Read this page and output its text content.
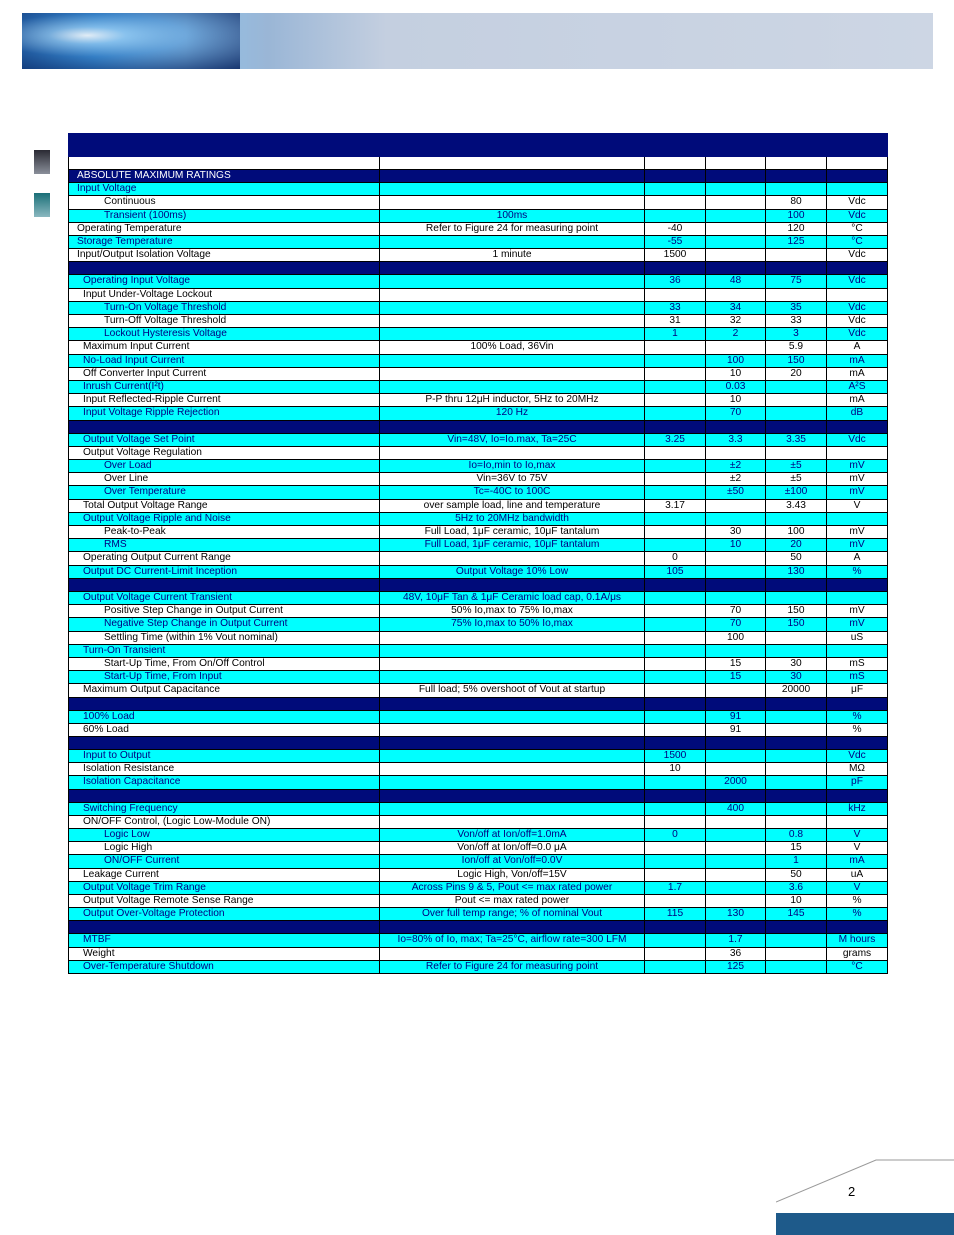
ABSOLUTE MAXIMUM RATINGS					
Input Voltage					
Continuous				80	Vdc
Transient (100ms)	100ms			100	Vdc
Operating Temperature	Refer to Figure 24 for measuring point	-40		120	°C
Storage Temperature		-55		125	°C
Input/Output Isolation Voltage	1 minute	1500			Vdc

Operating Input Voltage		36	48	75	Vdc
Input Under-Voltage Lockout					
Turn-On Voltage Threshold		33	34	35	Vdc
Turn-Off Voltage Threshold		31	32	33	Vdc
Lockout Hysteresis Voltage		1	2	3	Vdc
Maximum Input Current	100% Load, 36Vin			5.9	A
No-Load Input Current			100	150	mA
Off Converter Input Current			10	20	mA
Inrush Current(I²t)			0.03		A²S
Input Reflected-Ripple Current	P-P thru 12μH inductor, 5Hz to 20MHz		10		mA
Input Voltage Ripple Rejection	120 Hz		70		dB

Output Voltage Set Point	Vin=48V, Io=Io.max, Ta=25C	3.25	3.3	3.35	Vdc
Output Voltage Regulation					
Over Load	Io=Io,min to Io,max		±2	±5	mV
Over Line	Vin=36V to 75V		±2	±5	mV
Over Temperature	Tc=-40C to 100C		±50	±100	mV
Total Output Voltage Range	over sample load, line and temperature	3.17		3.43	V
Output Voltage Ripple and Noise	5Hz to 20MHz bandwidth				
Peak-to-Peak	Full Load, 1μF ceramic, 10μF tantalum		30	100	mV
RMS	Full Load, 1μF ceramic, 10μF tantalum		10	20	mV
Operating Output Current Range		0		50	A
Output DC Current-Limit Inception	Output Voltage 10% Low	105		130	%

Output Voltage Current Transient	48V, 10μF Tan & 1μF Ceramic load cap, 0.1A/μs				
Positive Step Change in Output Current	50% Io,max to 75% Io,max		70	150	mV
Negative Step Change in Output Current	75% Io,max to 50% Io,max		70	150	mV
Settling Time (within 1% Vout nominal)			100		uS
Turn-On Transient					
Start-Up Time, From On/Off Control			15	30	mS
Start-Up Time, From Input			15	30	mS
Maximum Output Capacitance	Full load; 5% overshoot of Vout at startup			20000	μF

100% Load			91		%
60% Load			91		%

Input to Output		1500			Vdc
Isolation Resistance		10			MΩ
Isolation Capacitance			2000		pF

Switching Frequency			400		kHz
ON/OFF Control, (Logic Low-Module ON)					
Logic Low	Von/off at Ion/off=1.0mA	0		0.8	V
Logic High	Von/off at Ion/off=0.0 μA			15	V
ON/OFF Current	Ion/off at Von/off=0.0V			1	mA
Leakage Current	Logic High, Von/off=15V			50	uA
Output Voltage Trim Range	Across Pins 9 & 5, Pout <= max rated power	1.7		3.6	V
Output Voltage Remote Sense Range	Pout <= max rated power			10	%
Output Over-Voltage Protection	Over full temp range; % of nominal Vout	115	130	145	%

MTBF	Io=80% of Io, max; Ta=25°C, airflow rate=300 LFM		1.7		M hours
Weight			36		grams
Over-Temperature Shutdown	Refer to Figure 24 for measuring point		125		°C
2
